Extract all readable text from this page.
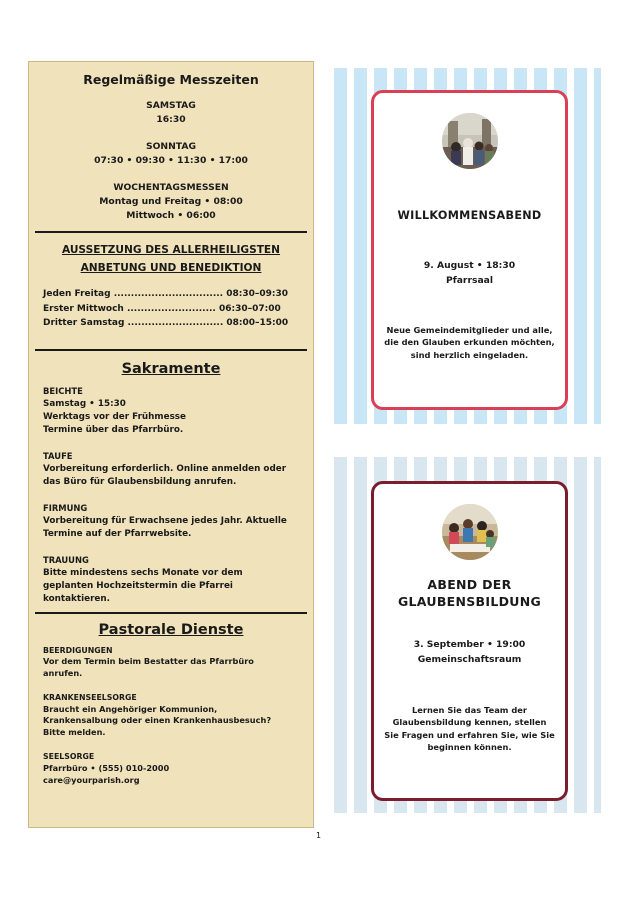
Regelmäßige Messzeiten
SAMSTAG
16:30
SONNTAG
07:30 • 09:30 • 11:30 • 17:00
WOCHENTAGSMESSEN
Montag und Freitag • 08:00
Mittwoch • 06:00
AUSSETZUNG DES ALLERHEILIGSTEN
ANBETUNG UND BENEDIKTION
Jeden Freitag ................................ 08:30–09:30
Erster Mittwoch .......................... 06:30–07:00
Dritter Samstag ............................ 08:00–15:00
Sakramente
BEICHTE
Samstag • 15:30
Werktags vor der Frühmesse
Termine über das Pfarrbüro.
TAUFE
Vorbereitung erforderlich. Online anmelden oder
das Büro für Glaubensbildung anrufen.
FIRMUNG
Vorbereitung für Erwachsene jedes Jahr. Aktuelle
Termine auf der Pfarrwebsite.
TRAUUNG
Bitte mindestens sechs Monate vor dem
geplanten Hochzeitstermin die Pfarrei
kontaktieren.
Pastorale Dienste
BEERDIGUNGEN
Vor dem Termin beim Bestatter das Pfarrbüro
anrufen.
KRANKENSEELSORGE
Braucht ein Angehöriger Kommunion,
Krankensalbung oder einen Krankenhausbesuch?
Bitte melden.
SEELSORGE
Pfarrbüro • (555) 010-2000
care@yourparish.org
WILLKOMMENSABEND
9. August • 18:30
Pfarrsaal
Neue Gemeindemitglieder und alle, die den Glauben erkunden möchten, sind herzlich eingeladen.
ABEND DER
GLAUBENSBILDUNG
3. September • 19:00
Gemeinschaftsraum
Lernen Sie das Team der Glaubensbildung kennen, stellen Sie Fragen und erfahren Sie, wie Sie beginnen können.
1
